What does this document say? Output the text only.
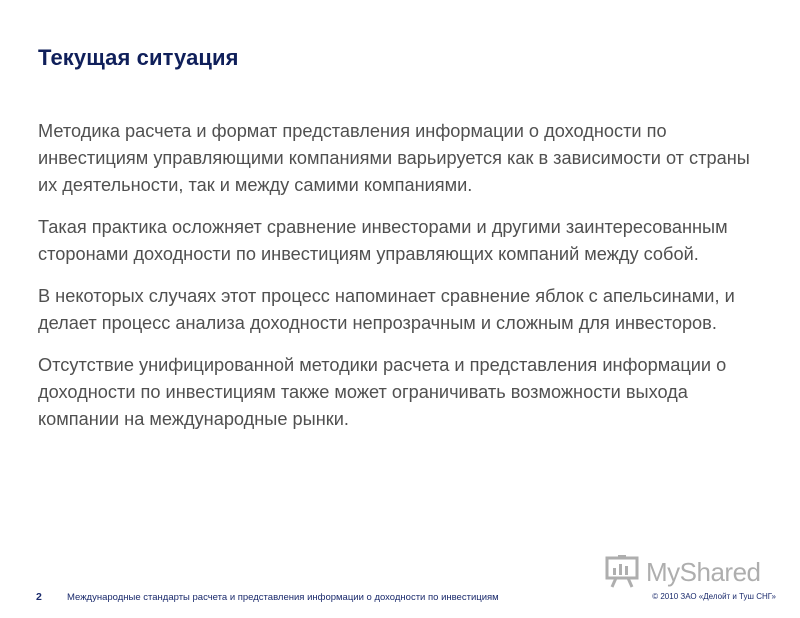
Текущая ситуация

Методика расчета и формат представления информации о доходности по инвестициям управляющими компаниями варьируется как в зависимости от страны их деятельности, так и между самими компаниями.

Такая практика осложняет сравнение инвесторами и другими заинтересованным сторонами доходности по инвестициям управляющих компаний между собой.

В некоторых случаях этот процесс напоминает сравнение яблок с апельсинами, и делает процесс анализа доходности непрозрачным и сложным для инвесторов.

Отсутствие унифицированной методики расчета и представления информации о доходности по инвестициям также может ограничивать возможности выхода компании на международные рынки.

MyShared
2	Международные стандарты расчета и представления информации о доходности по инвестициям	© 2010 ЗАО «Делойт и Туш СНГ»
